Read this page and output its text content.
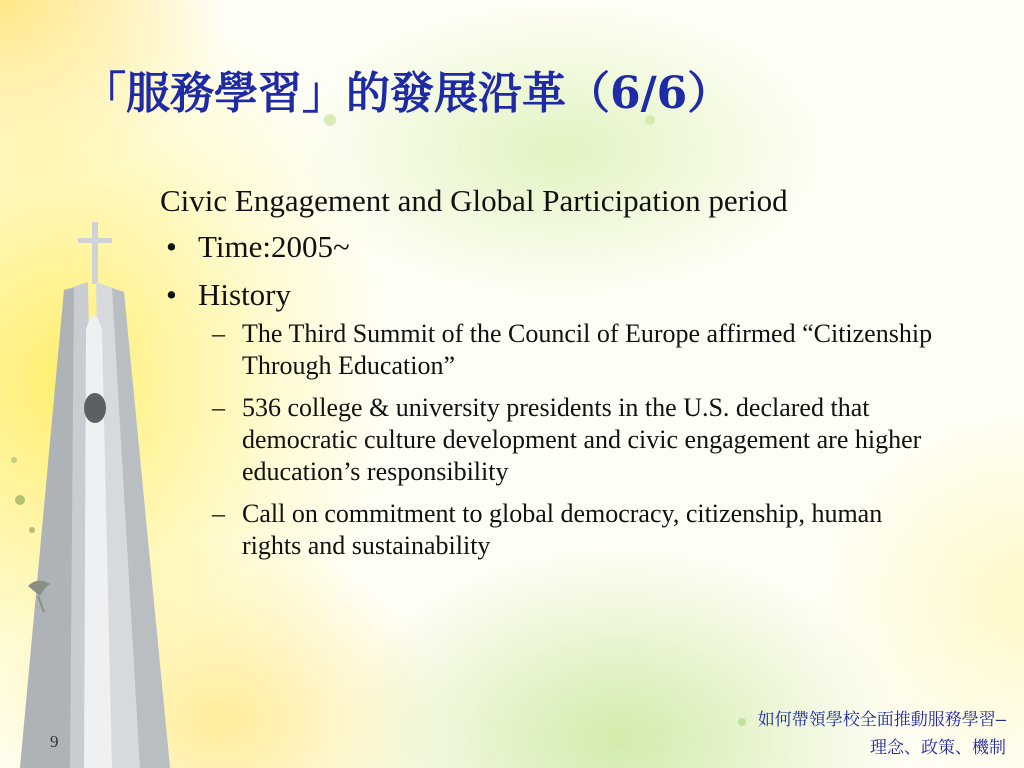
「服務學習」的發展沿革（6/6）

Civic Engagement and Global Participation period

• Time:2005~
• History
– The Third Summit of the Council of Europe affirmed “Citizenship Through Education”
– 536 college & university presidents in the U.S. declared that democratic culture development and civic engagement are higher education’s responsibility
– Call on commitment to global democracy, citizenship, human rights and sustainability
如何帶領學校全面推動服務學習–
理念、政策、機制
9
